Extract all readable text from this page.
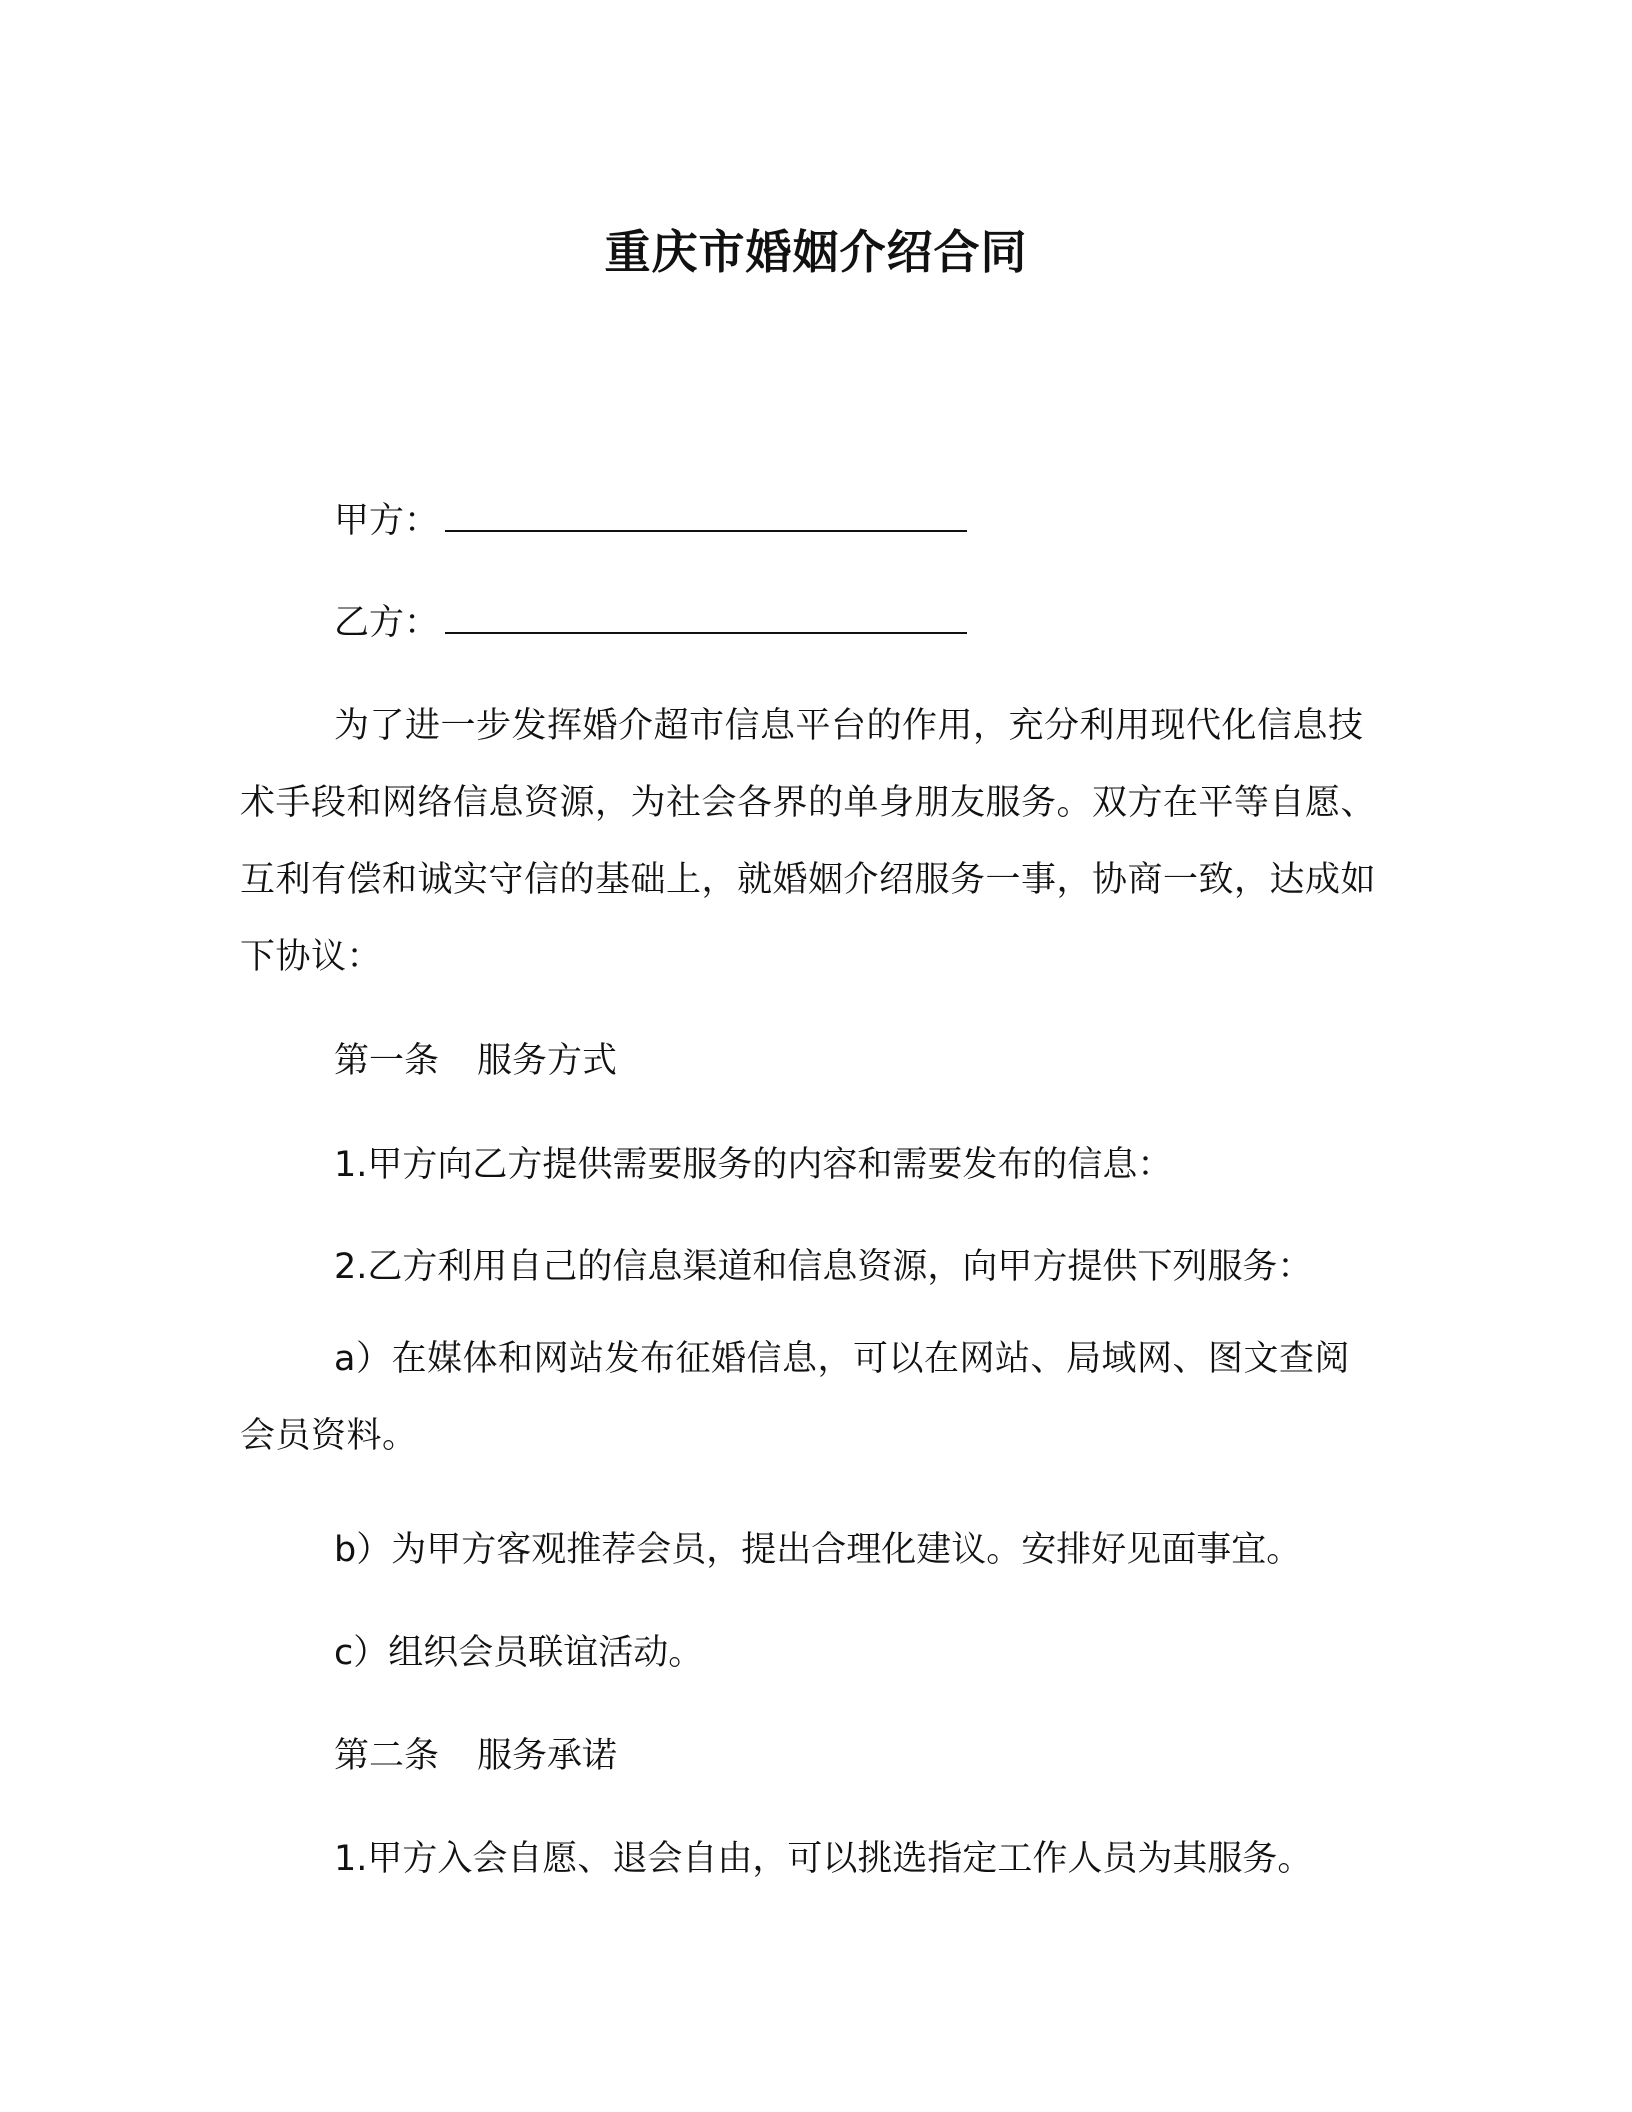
重庆市婚姻介绍合同
甲方：
乙方：
为了进一步发挥婚介超市信息平台的作用，充分利用现代化信息技术手段和网络信息资源，为社会各界的单身朋友服务。双方在平等自愿、互利有偿和诚实守信的基础上，就婚姻介绍服务一事，协商一致，达成如下协议：
第一条 服务方式
1.甲方向乙方提供需要服务的内容和需要发布的信息：
2.乙方利用自己的信息渠道和信息资源，向甲方提供下列服务：
a）在媒体和网站发布征婚信息，可以在网站、局域网、图文查阅会员资料。
b）为甲方客观推荐会员，提出合理化建议。安排好见面事宜。
c）组织会员联谊活动。
第二条 服务承诺
1.甲方入会自愿、退会自由，可以挑选指定工作人员为其服务。
